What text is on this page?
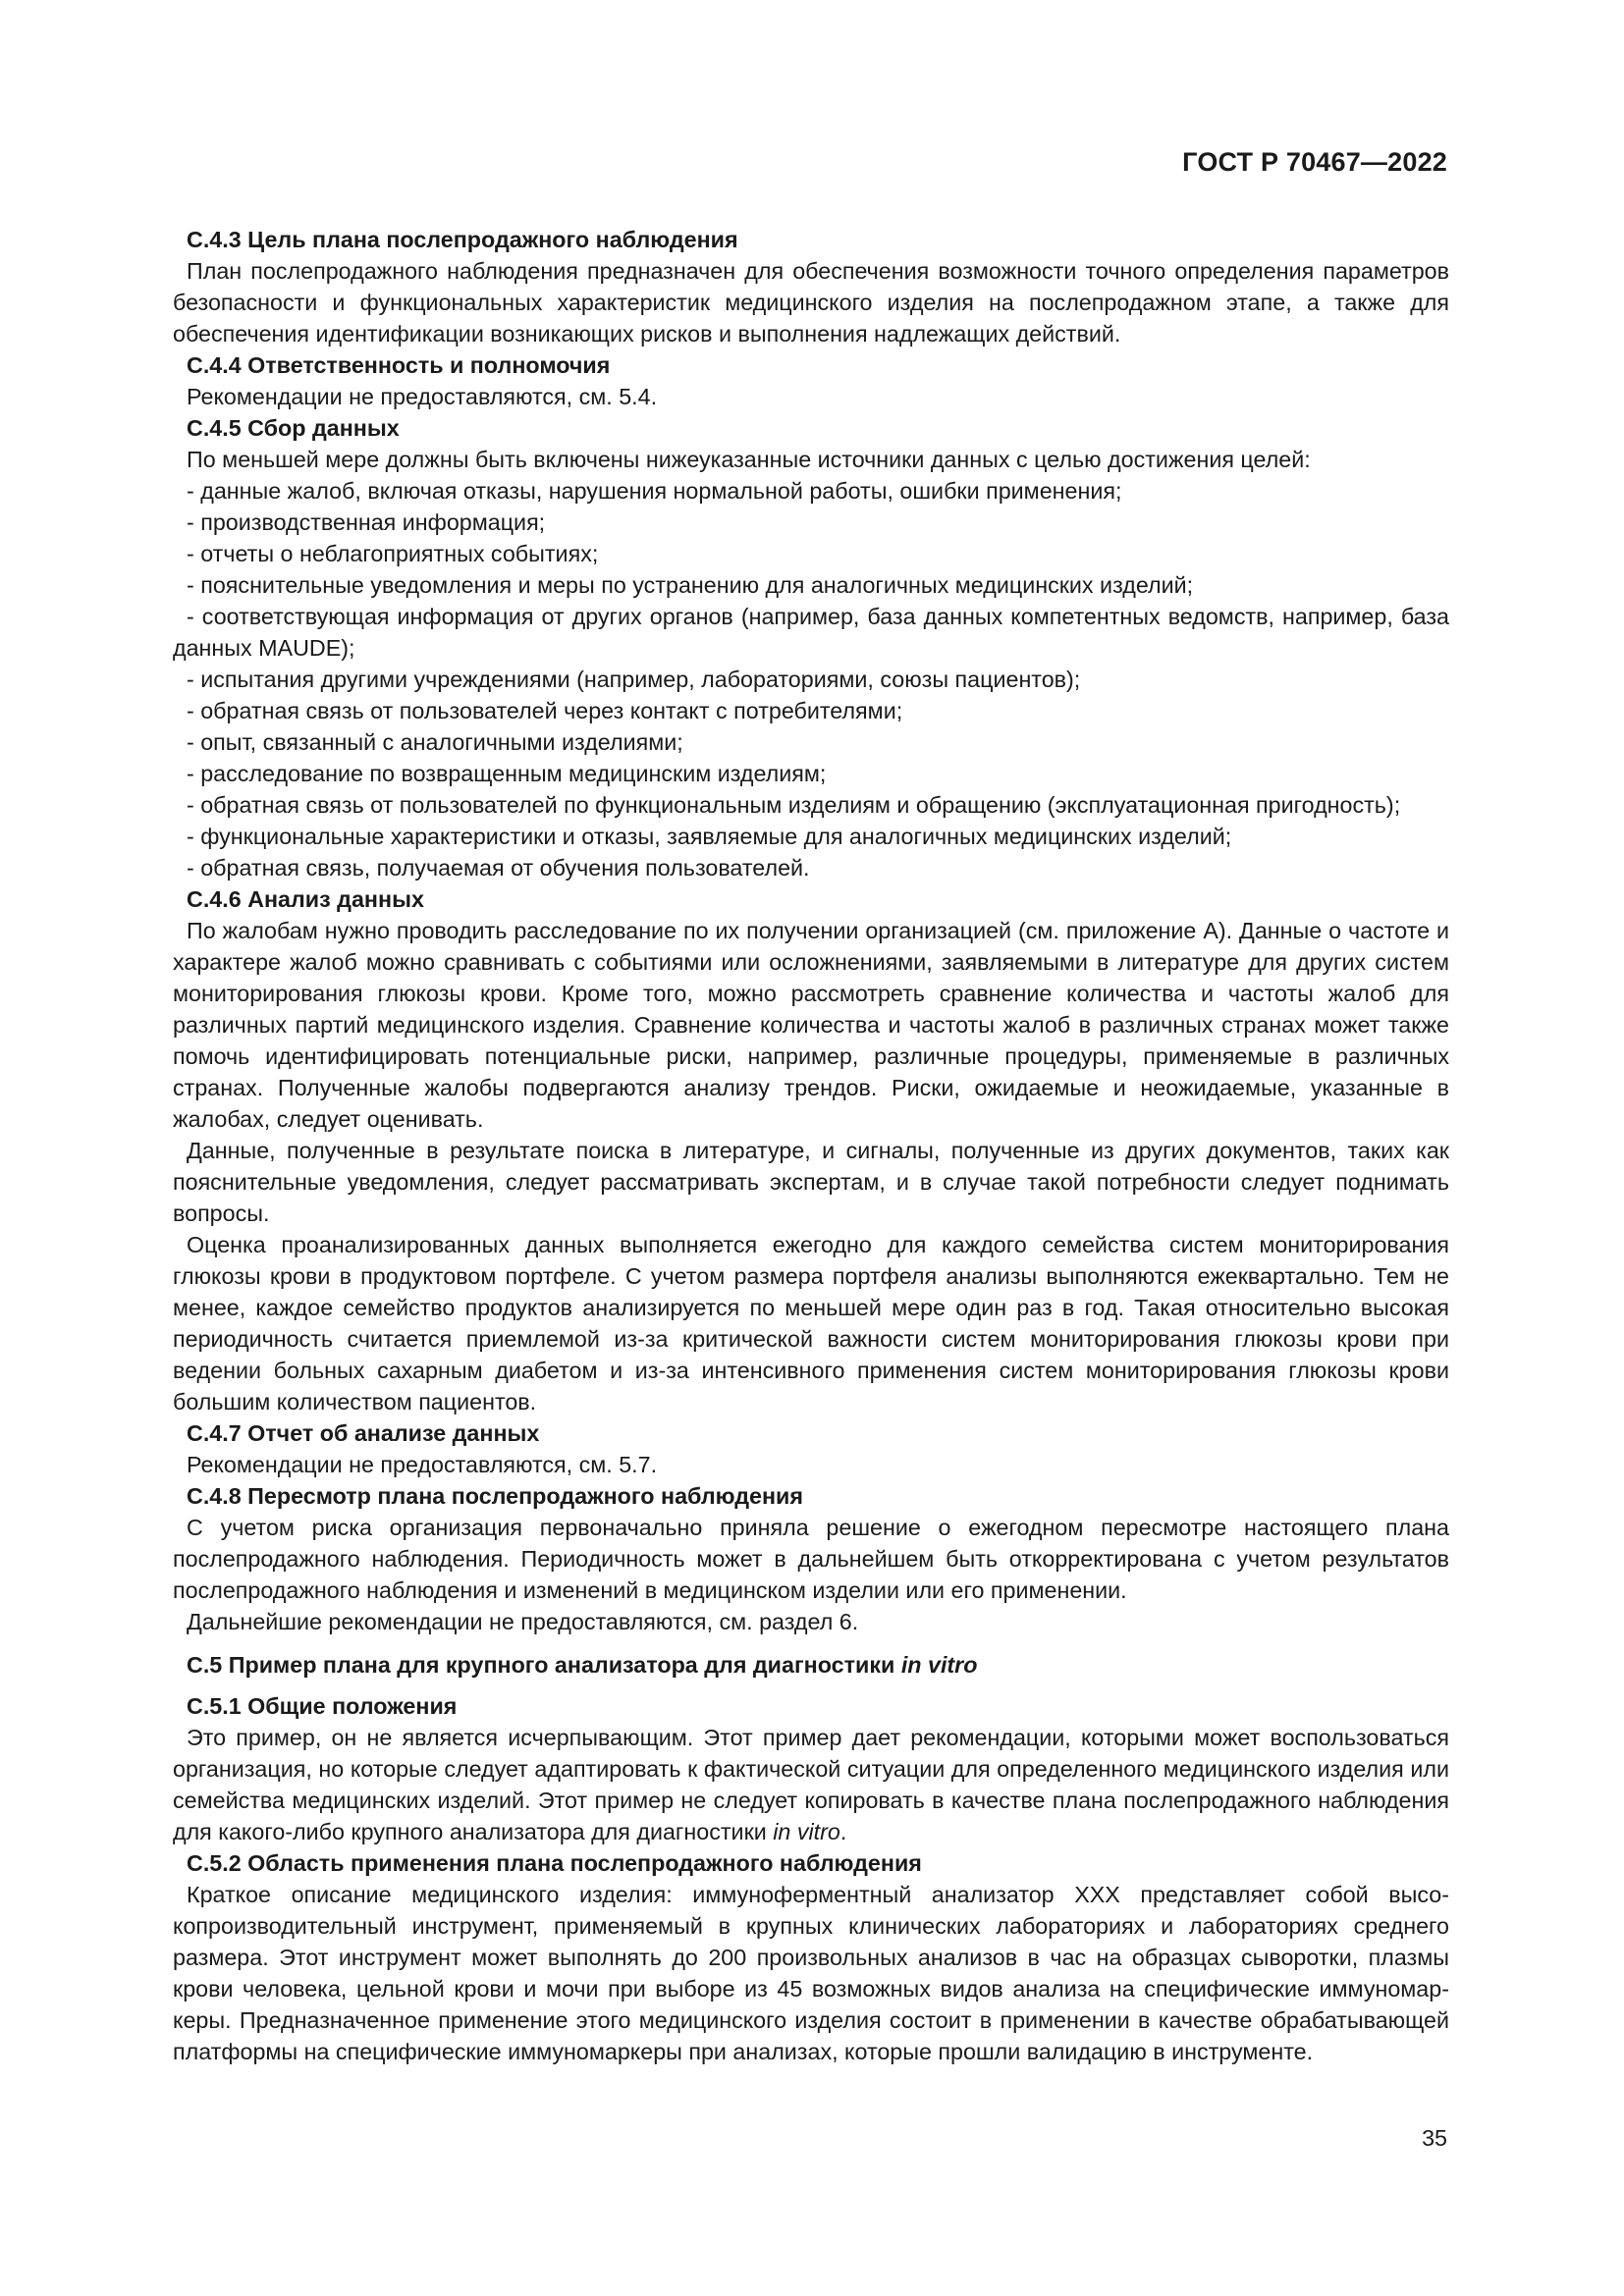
ГОСТ Р 70467—2022

С.4.3 Цель плана послепродажного наблюдения

План послепродажного наблюдения предназначен для обеспечения возможности точного определения параметров безопасности и функциональных характеристик медицинского изделия на послепродажном этапе, а также для обеспечения идентификации возникающих рисков и выполнения надлежащих действий.

С.4.4 Ответственность и полномочия

Рекомендации не предоставляются, см. 5.4.

С.4.5 Сбор данных

По меньшей мере должны быть включены нижеуказанные источники данных с целью достижения целей:

- данные жалоб, включая отказы, нарушения нормальной работы, ошибки применения;

- производственная информация;

- отчеты о неблагоприятных событиях;

- пояснительные уведомления и меры по устранению для аналогичных медицинских изделий;

- соответствующая информация от других органов (например, база данных компетентных ведомств, например, база данных MAUDE);

- испытания другими учреждениями (например, лабораториями, союзы пациентов);

- обратная связь от пользователей через контакт с потребителями;

- опыт, связанный с аналогичными изделиями;

- расследование по возвращенным медицинским изделиям;

- обратная связь от пользователей по функциональным изделиям и обращению (эксплуатационная пригодность);

- функциональные характеристики и отказы, заявляемые для аналогичных медицинских изделий;

- обратная связь, получаемая от обучения пользователей.

С.4.6 Анализ данных

По жалобам нужно проводить расследование по их получении организацией (см. приложение А). Данные о частоте и характере жалоб можно сравнивать с событиями или осложнениями, заявляемыми в литературе для других систем мониторирования глюкозы крови. Кроме того, можно рассмотреть сравнение количества и частоты жалоб для различных партий медицинского изделия. Сравнение количества и частоты жалоб в различных странах может также помочь идентифицировать потенциальные риски, например, различные процедуры, применяемые в различных странах. Полученные жалобы подвергаются анализу трендов. Риски, ожидаемые и неожидаемые, указанные в жалобах, следует оценивать.

Данные, полученные в результате поиска в литературе, и сигналы, полученные из других документов, таких как пояснительные уведомления, следует рассматривать экспертам, и в случае такой потребности следует поднимать вопросы.

Оценка проанализированных данных выполняется ежегодно для каждого семейства систем мониторирования глюкозы крови в продуктовом портфеле. С учетом размера портфеля анализы выполняются ежеквартально. Тем не менее, каждое семейство продуктов анализируется по меньшей мере один раз в год. Такая относительно высокая периодичность считается приемлемой из-за критической важности систем мониторирования глюкозы крови при ведении больных сахарным диабетом и из-за интенсивного применения систем мониторирования глюкозы крови большим количеством пациентов.

С.4.7 Отчет об анализе данных

Рекомендации не предоставляются, см. 5.7.

С.4.8 Пересмотр плана послепродажного наблюдения

С учетом риска организация первоначально приняла решение о ежегодном пересмотре настоящего плана послепродажного наблюдения. Периодичность может в дальнейшем быть откорректирована с учетом результатов послепродажного наблюдения и изменений в медицинском изделии или его применении.

Дальнейшие рекомендации не предоставляются, см. раздел 6.

С.5 Пример плана для крупного анализатора для диагностики in vitro

С.5.1 Общие положения

Это пример, он не является исчерпывающим. Этот пример дает рекомендации, которыми может воспользоваться организация, но которые следует адаптировать к фактической ситуации для определенного медицинского изделия или семейства медицинских изделий. Этот пример не следует копировать в качестве плана послепродажного наблюдения для какого-либо крупного анализатора для диагностики in vitro.

С.5.2 Область применения плана послепродажного наблюдения

Краткое описание медицинского изделия: иммуноферментный анализатор XXX представляет собой высокопроизводительный инструмент, применяемый в крупных клинических лабораториях и лабораториях среднего размера. Этот инструмент может выполнять до 200 произвольных анализов в час на образцах сыворотки, плазмы крови человека, цельной крови и мочи при выборе из 45 возможных видов анализа на специфические иммуномаркеры. Предназначенное применение этого медицинского изделия состоит в применении в качестве обрабатывающей платформы на специфические иммуномаркеры при анализах, которые прошли валидацию в инструменте.

35
